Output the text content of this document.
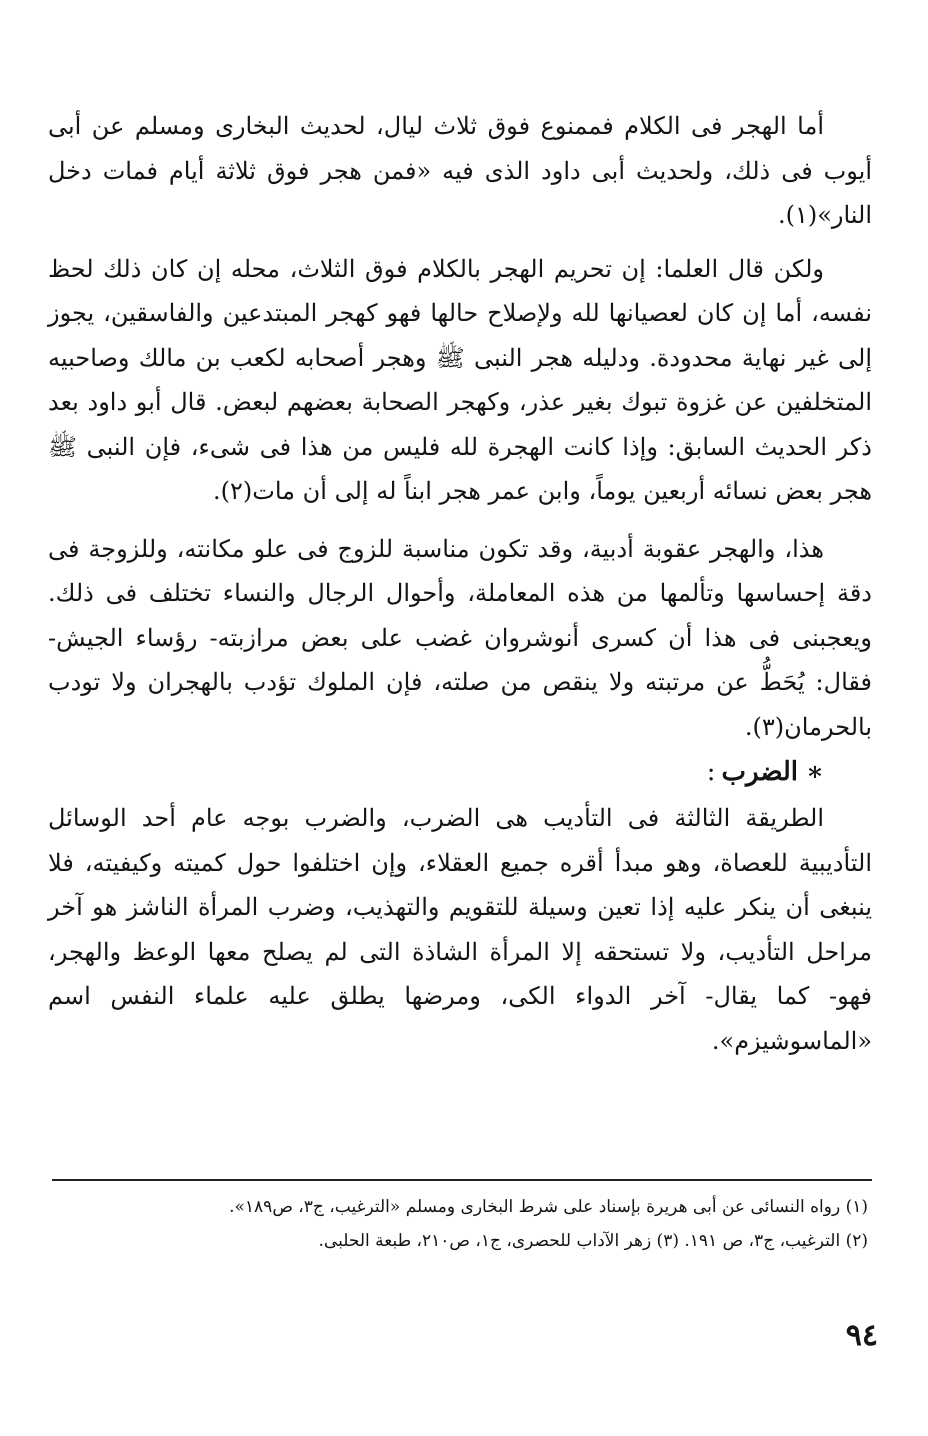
أما الهجر فى الكلام فممنوع فوق ثلاث ليال، لحديث البخارى ومسلم عن أبى أيوب فى ذلك، ولحديث أبى داود الذى فيه «فمن هجر فوق ثلاثة أيام فمات دخل النار»(١).

ولكن قال العلما: إن تحريم الهجر بالكلام فوق الثلاث، محله إن كان ذلك لحظ نفسه، أما إن كان لعصيانها لله ولإصلاح حالها فهو كهجر المبتدعين والفاسقين، يجوز إلى غير نهاية محدودة. ودليله هجر النبى ﷺ وهجر أصحابه لكعب بن مالك وصاحبيه المتخلفين عن غزوة تبوك بغير عذر، وكهجر الصحابة بعضهم لبعض. قال أبو داود بعد ذكر الحديث السابق: وإذا كانت الهجرة لله فليس من هذا فى شىء، فإن النبى ﷺ هجر بعض نسائه أربعين يوماً، وابن عمر هجر ابناً له إلى أن مات(٢).

هذا، والهجر عقوبة أدبية، وقد تكون مناسبة للزوج فى علو مكانته، وللزوجة فى دقة إحساسها وتألمها من هذه المعاملة، وأحوال الرجال والنساء تختلف فى ذلك. ويعجبنى فى هذا أن كسرى أنوشروان غضب على بعض مرازبته- رؤساء الجيش- فقال: يُحَطُّ عن مرتبته ولا ينقص من صلته، فإن الملوك تؤدب بالهجران ولا تودب بالحرمان(٣).

∗الضرب:

الطريقة الثالثة فى التأديب هى الضرب، والضرب بوجه عام أحد الوسائل التأديبية للعصاة، وهو مبدأ أقره جميع العقلاء، وإن اختلفوا حول كميته وكيفيته، فلا ينبغى أن ينكر عليه إذا تعين وسيلة للتقويم والتهذيب، وضرب المرأة الناشز هو آخر مراحل التأديب، ولا تستحقه إلا المرأة الشاذة التى لم يصلح معها الوعظ والهجر، فهو- كما يقال- آخر الدواء الكى، ومرضها يطلق عليه علماء النفس اسم «الماسوشيزم».

(١) رواه النسائى عن أبى هريرة بإسناد على شرط البخارى ومسلم «الترغيب، ج٣، ص١٨٩».

(٢) الترغيب، ج٣، ص ١٩١. (٣) زهر الآداب للحصرى، ج١، ص٢١٠، طبعة الحلبى.

٩٤
